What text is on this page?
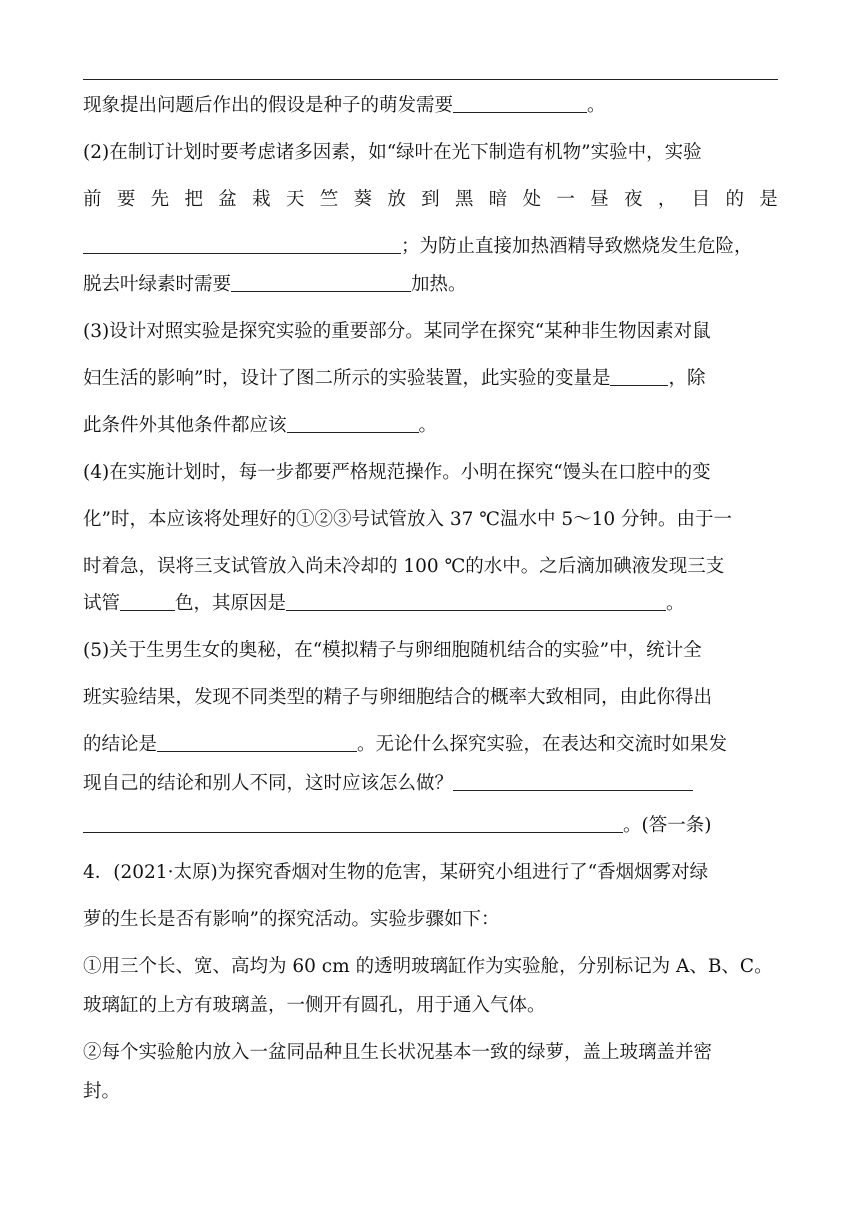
现象提出问题后作出的假设是种子的萌发需要	。
(2)在制订计划时要考虑诸多因素，如“绿叶在光下制造有机物”实验中，实验
前 要 先 把 盆 栽 天 竺 葵 放 到 黑 暗 处 一 昼 夜 ， 目 的 是
；为防止直接加热酒精导致燃烧发生危险，
脱去叶绿素时需要	加热。
(3)设计对照实验是探究实验的重要部分。某同学在探究“某种非生物因素对鼠
妇生活的影响”时，设计了图二所示的实验装置，此实验的变量是	，除
此条件外其他条件都应该	。
(4)在实施计划时，每一步都要严格规范操作。小明在探究“馒头在口腔中的变
化”时，本应该将处理好的①②③号试管放入 37 ℃温水中 5～10 分钟。由于一
时着急，误将三支试管放入尚未冷却的 100 ℃的水中。之后滴加碘液发现三支
试管	色，其原因是	。
(5)关于生男生女的奥秘，在“模拟精子与卵细胞随机结合的实验”中，统计全
班实验结果，发现不同类型的精子与卵细胞结合的概率大致相同，由此你得出
的结论是	。无论什么探究实验，在表达和交流时如果发
现自己的结论和别人不同，这时应该怎么做？
。(答一条)
4．(2021·太原)为探究香烟对生物的危害，某研究小组进行了“香烟烟雾对绿
萝的生长是否有影响”的探究活动。实验步骤如下：
①用三个长、宽、高均为 60 cm 的透明玻璃缸作为实验舱，分别标记为 A、B、C。
玻璃缸的上方有玻璃盖，一侧开有圆孔，用于通入气体。
②每个实验舱内放入一盆同品种且生长状况基本一致的绿萝，盖上玻璃盖并密
封。
